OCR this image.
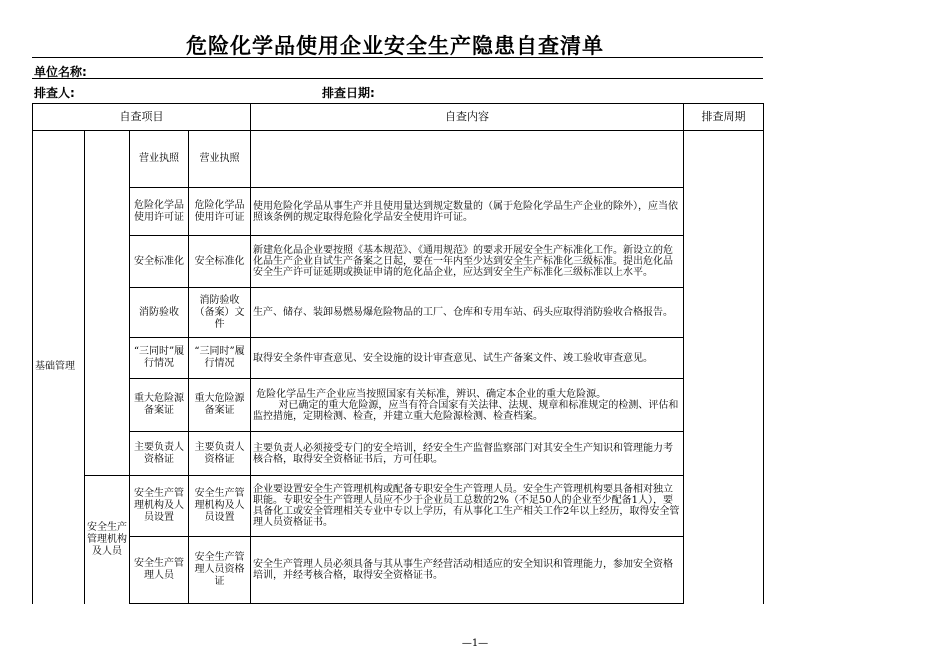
危险化学品使用企业安全生产隐患自查清单
单位名称:
排查人:	排查日期:
自查项目				自查内容	排查周期
基础管理		营业执照	营业执照		
		危险化学品使用许可证	危险化学品使用许可证	使用危险化学品从事生产并且使用量达到规定数量的（属于危险化学品生产企业的除外），应当依照该条例的规定取得危险化学品安全使用许可证。	
		安全标准化	安全标准化	新建危化品企业要按照《基本规范》、《通用规范》的要求开展安全生产标准化工作。新设立的危化品生产企业自试生产备案之日起，要在一年内至少达到安全生产标准化三级标准。提出危化品安全生产许可证延期或换证申请的危化品企业，应达到安全生产标准化三级标准以上水平。	
		消防验收	消防验收（备案）文件	生产、储存、装卸易燃易爆危险物品的工厂、仓库和专用车站、码头应取得消防验收合格报告。	
		“三同时”履行情况	“三同时”履行情况	取得安全条件审查意见、安全设施的设计审查意见、试生产备案文件、竣工验收审查意见。	
		重大危险源备案证	重大危险源备案证	危险化学品生产企业应当按照国家有关标准，辨识、确定本企业的重大危险源。
对已确定的重大危险源，应当有符合国家有关法律、法规、规章和标准规定的检测、评估和监控措施，定期检测、检查，并建立重大危险源检测、检查档案。	
		主要负责人资格证	主要负责人资格证	主要负责人必须接受专门的安全培训，经安全生产监督监察部门对其安全生产知识和管理能力考核合格，取得安全资格证书后，方可任职。	
	安全生产管理机构及人员	安全生产管理机构及人员设置	安全生产管理机构及人员设置	企业要设置安全生产管理机构或配备专职安全生产管理人员。安全生产管理机构要具备相对独立职能。专职安全生产管理人员应不少于企业员工总数的2%（不足50人的企业至少配备1人），要具备化工或安全管理相关专业中专以上学历，有从事化工生产相关工作2年以上经历，取得安全管理人员资格证书。	
		安全生产管理人员	安全生产管理人员资格证	安全生产管理人员必须具备与其从事生产经营活动相适应的安全知识和管理能力，参加安全资格培训，并经考核合格，取得安全资格证书。	
—1—
